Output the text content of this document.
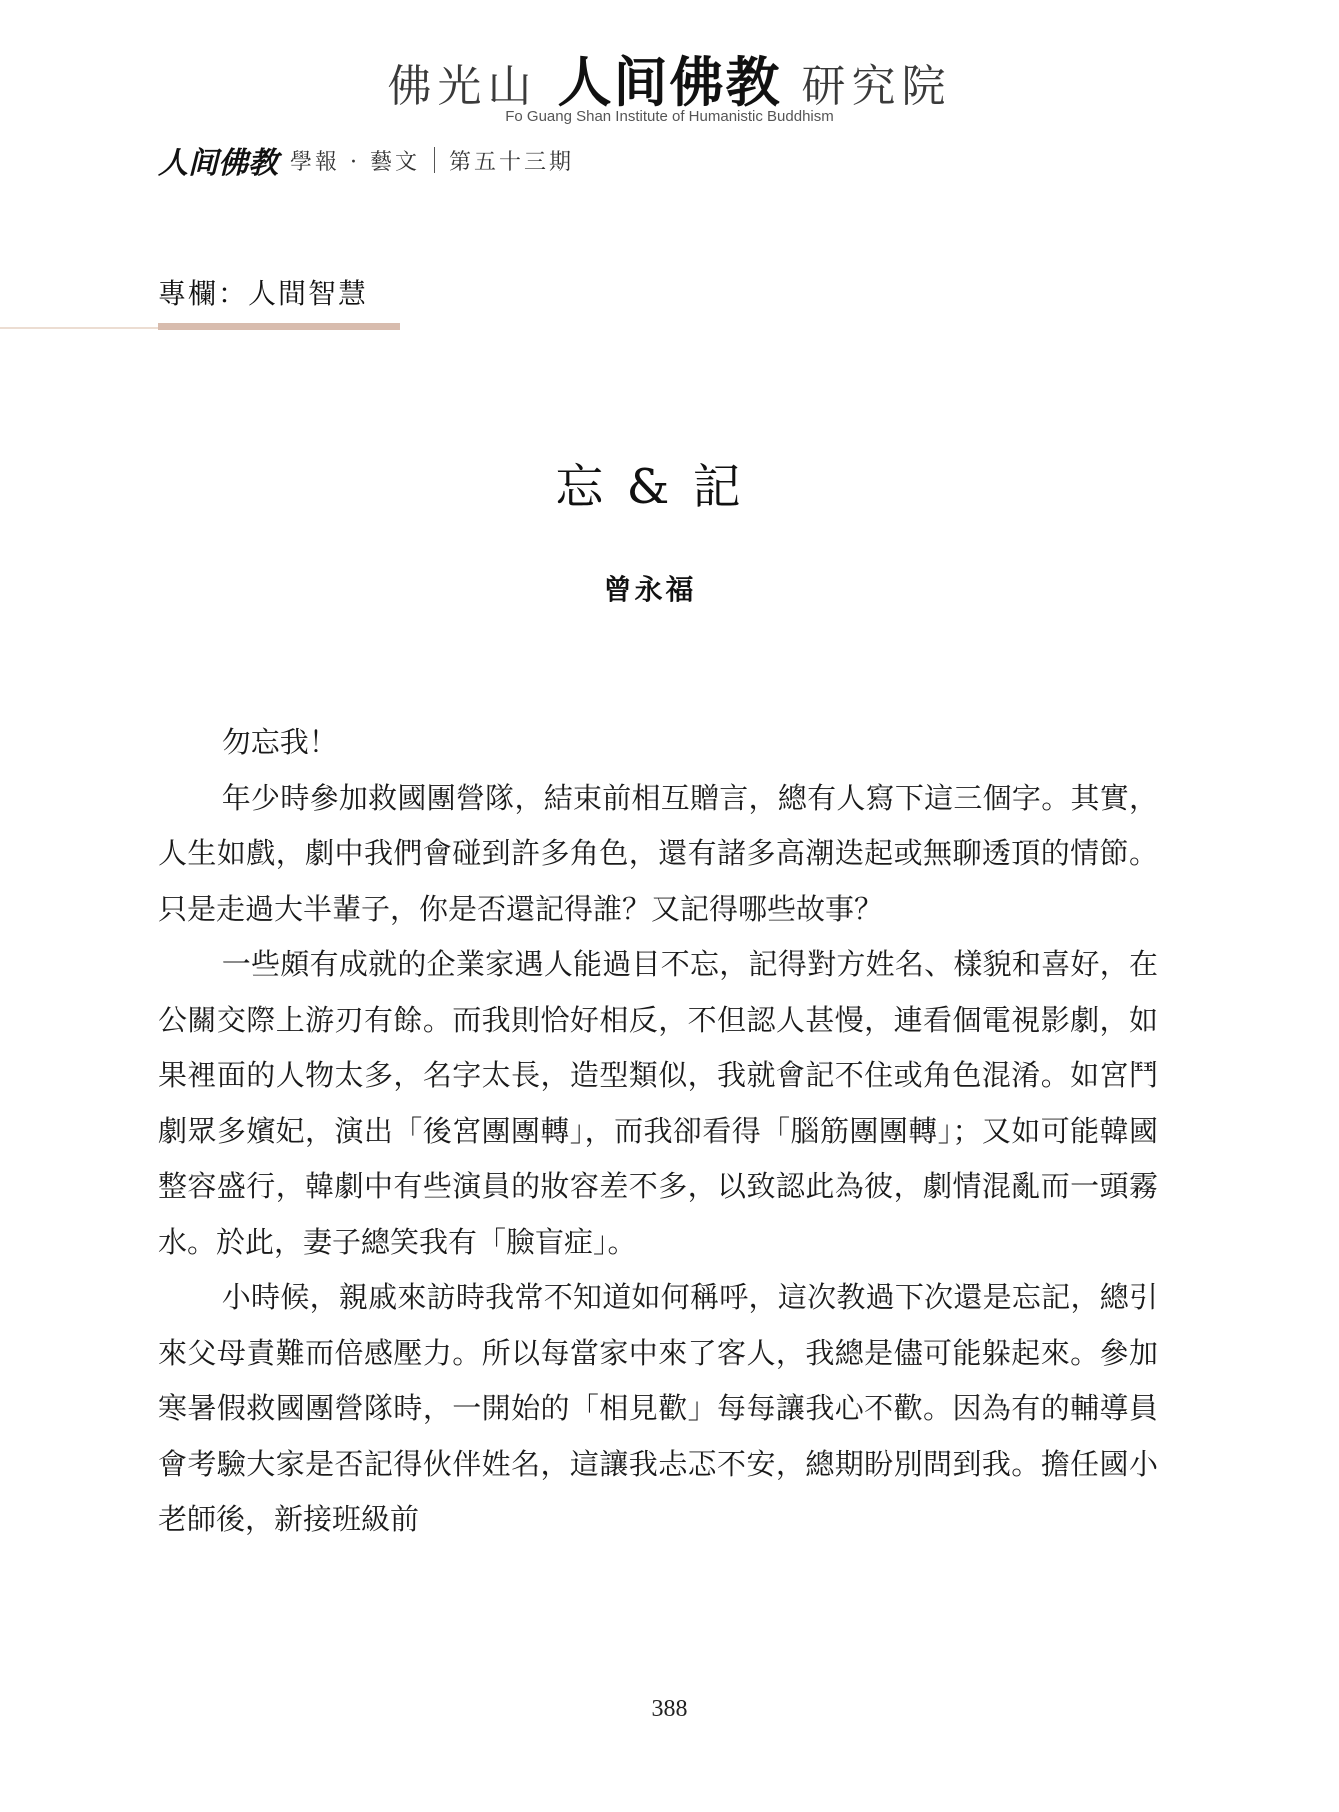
佛光山 人间佛教 研究院
Fo Guang Shan Institute of Humanistic Buddhism
人间佛教 學報 · 藝文 第五十三期
專欄：人間智慧
忘 & 記
曾永福

勿忘我！

年少時參加救國團營隊，結束前相互贈言，總有人寫下這三個字。其實，人生如戲，劇中我們會碰到許多角色，還有諸多高潮迭起或無聊透頂的情節。只是走過大半輩子，你是否還記得誰？又記得哪些故事？

一些頗有成就的企業家遇人能過目不忘，記得對方姓名、樣貌和喜好，在公關交際上游刃有餘。而我則恰好相反，不但認人甚慢，連看個電視影劇，如果裡面的人物太多，名字太長，造型類似，我就會記不住或角色混淆。如宮鬥劇眾多嬪妃，演出「後宮團團轉」，而我卻看得「腦筋團團轉」；又如可能韓國整容盛行，韓劇中有些演員的妝容差不多，以致認此為彼，劇情混亂而一頭霧水。於此，妻子總笑我有「臉盲症」。

小時候，親戚來訪時我常不知道如何稱呼，這次教過下次還是忘記，總引來父母責難而倍感壓力。所以每當家中來了客人，我總是儘可能躲起來。參加寒暑假救國團營隊時，一開始的「相見歡」每每讓我心不歡。因為有的輔導員會考驗大家是否記得伙伴姓名，這讓我忐忑不安，總期盼別問到我。擔任國小老師後，新接班級前

388
